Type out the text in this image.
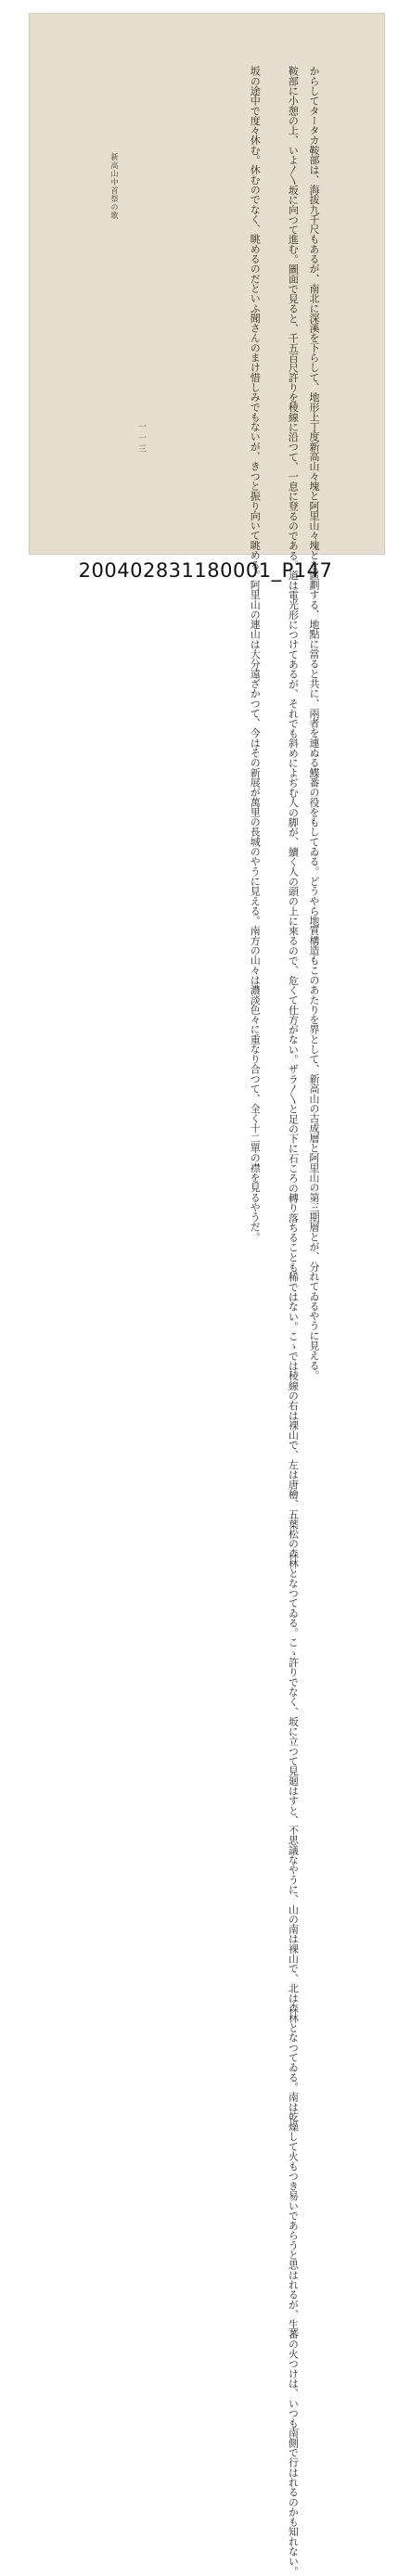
からしてタータカ鞍部は、海拔九千尺もあるが、南北に深溪を下らして、地形上丁度新高山々塊と阿里山々塊とを區劃する、地點に當ると共に、兩者を連ぬる鰈番の役をもしてゐる。どうやら地質構造もこのあたりを界として、新高山の古成層と阿里山の第三期層とが、分れてゐるやうに見える。

鞍部に小憩の上、いよ〳〵坂に向つて進む。圖面で見ると、千五百尺許りを稜線に沿つて、一息に登るのである。道は電光形につけてあるが、それでも斜めによぢむ人の脚が、續く人の頭の上に來るので、危くて仕方がない。ザラ〳〵と足の下に石ころの轉り落ちることも稀ではない。こゝでは稜線の右は裸山で、左は唐檜、五葉松の森林となつてゐる。こゝ許りでなく、坂に立つて見廻はすと、不思議なやうに、山の南は裸山で、北は森林となつてゐる。南は乾燥して火もつき易いであらうと思はれるが、生蕃の火つけは、いつも南側で行はれるのかも知れない。

坂の途中で度々休む。休むのでなく、眺めるのだといふ聞さんのまけ惜しみでもないが、きつと振り向いて眺める。阿里山の連山は大分遠ざかつて、今はその新展が萬里の長城のやうに見える。南方の山々は濃淡色々に重なり合つて、全く十二單の襟を見るやうだ。

新高山中首祭の歌
一一三
200402831180001_P147
